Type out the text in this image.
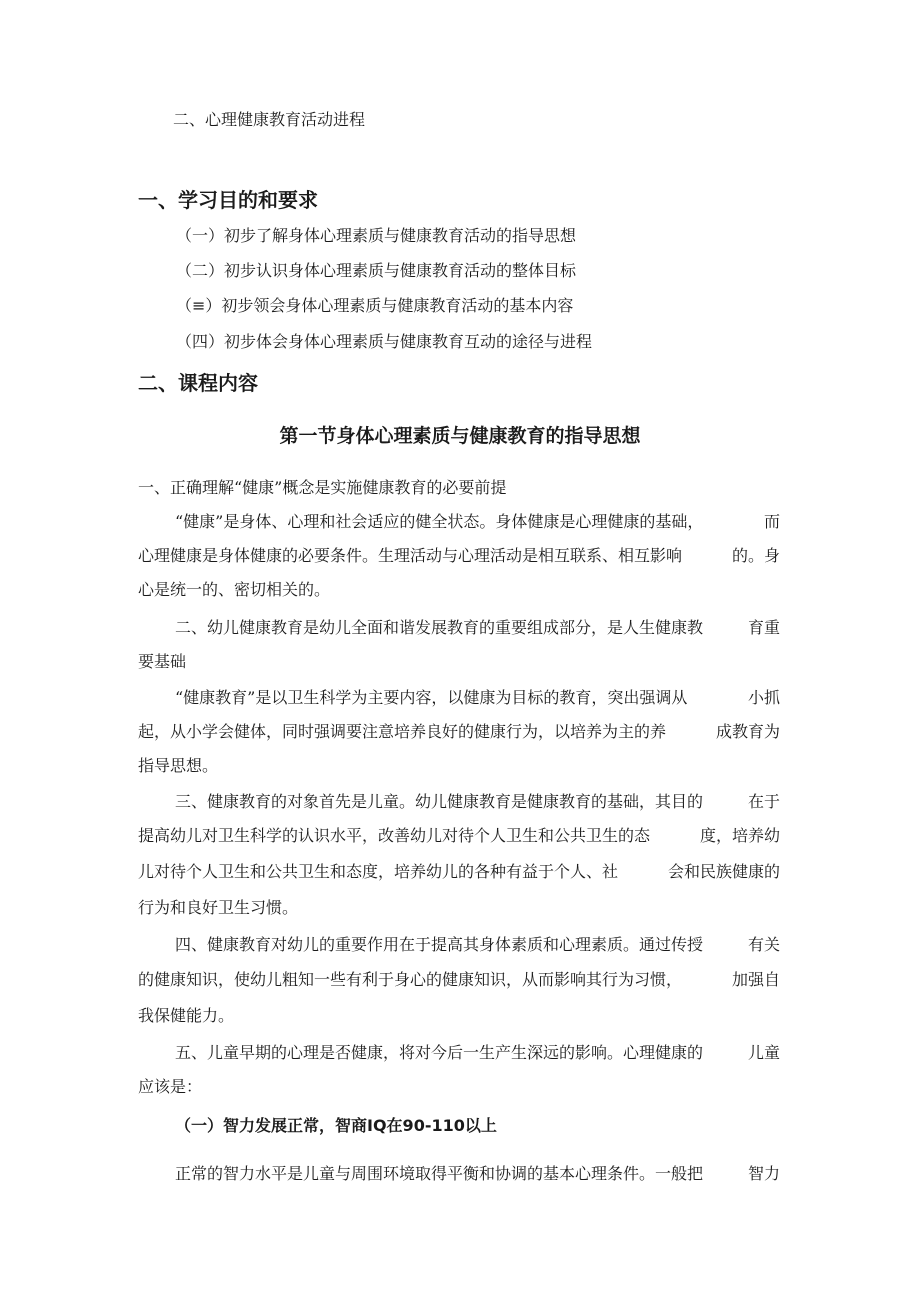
二、心理健康教育活动进程
一、学习目的和要求
（一）初步了解身体心理素质与健康教育活动的指导思想
（二）初步认识身体心理素质与健康教育活动的整体目标
（≡）初步领会身体心理素质与健康教育活动的基本内容
（四）初步体会身体心理素质与健康教育互动的途径与进程
二、课程内容
第一节身体心理素质与健康教育的指导思想
一、正确理解“健康”概念是实施健康教育的必要前提
“健康”是身体、心理和社会适应的健全状态。身体健康是心理健康的基础，	而
心理健康是身体健康的必要条件。生理活动与心理活动是相互联系、相互影响	的。身
心是统一的、密切相关的。
二、幼儿健康教育是幼儿全面和谐发展教育的重要组成部分，是人生健康教	育重
要基础
“健康教育”是以卫生科学为主要内容，以健康为目标的教育，突出强调从	小抓
起，从小学会健体，同时强调要注意培养良好的健康行为，以培养为主的养	成教育为
指导思想。
三、健康教育的对象首先是儿童。幼儿健康教育是健康教育的基础，其目的	在于
提高幼儿对卫生科学的认识水平，改善幼儿对待个人卫生和公共卫生的态	度，培养幼
儿对待个人卫生和公共卫生和态度，培养幼儿的各种有益于个人、社	会和民族健康的
行为和良好卫生习惯。
四、健康教育对幼儿的重要作用在于提高其身体素质和心理素质。通过传授	有关
的健康知识，使幼儿粗知一些有利于身心的健康知识，从而影响其行为习惯，	加强自
我保健能力。
五、儿童早期的心理是否健康，将对今后一生产生深远的影响。心理健康的	儿童
应该是：
（一）智力发展正常，智商IQ在90-110以上
正常的智力水平是儿童与周围环境取得平衡和协调的基本心理条件。一般把	智力
